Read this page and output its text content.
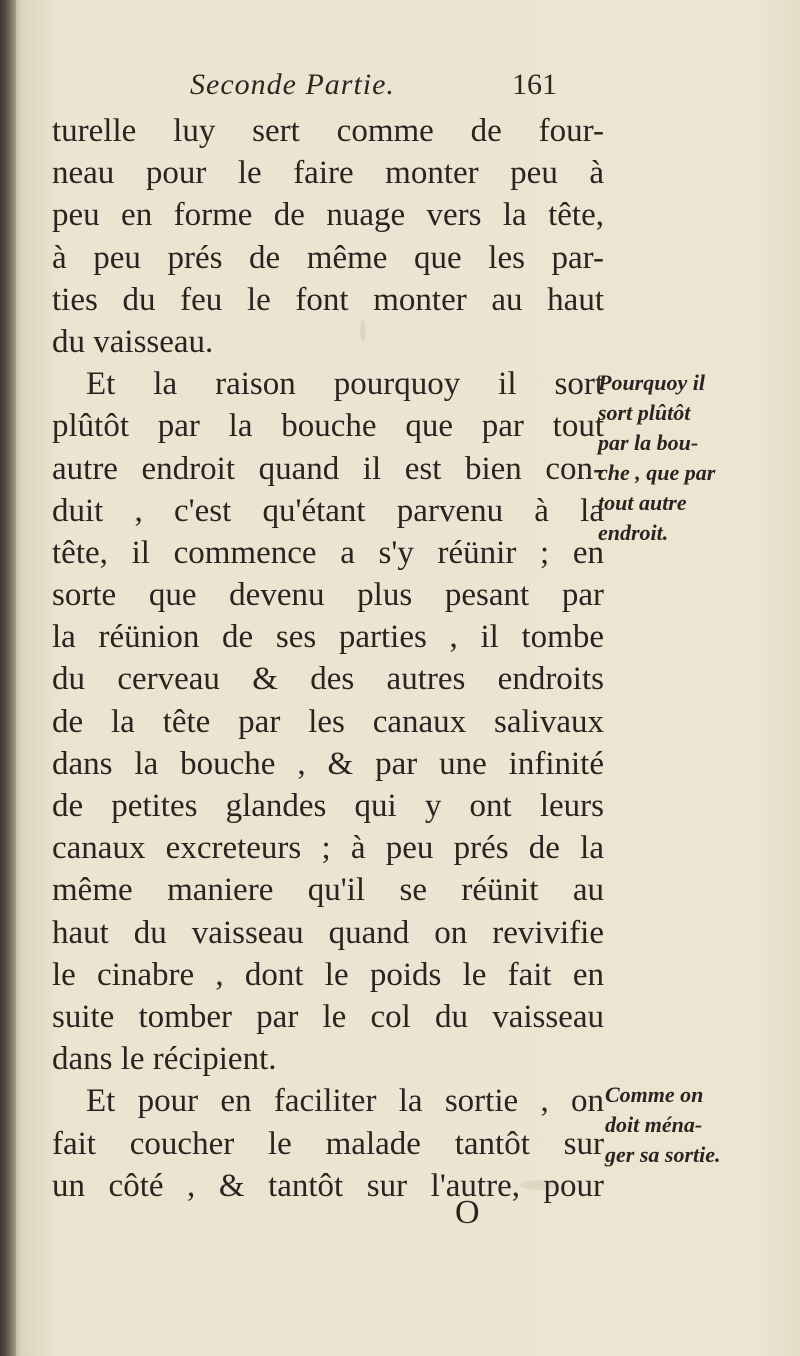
Seconde Partie.	161
turelle luy sert comme de four-
neau pour le faire monter peu à
peu en forme de nuage vers la tête,
à peu prés de même que les par-
ties du feu le font monter au haut
du vaisseau.
Et la raison pourquoy il sort
plûtôt par la bouche que par tout
autre endroit quand il est bien con-
duit , c'est qu'étant parvenu à la
tête, il commence a s'y réünir ; en
sorte que devenu plus pesant par
la réünion de ses parties , il tombe
du cerveau & des autres endroits
de la tête par les canaux salivaux
dans la bouche , & par une infinité
de petites glandes qui y ont leurs
canaux excreteurs ; à peu prés de la
même maniere qu'il se réünit au
haut du vaisseau quand on revivifie
le cinabre , dont le poids le fait en
suite tomber par le col du vaisseau
dans le récipient.
Et pour en faciliter la sortie , on
fait coucher le malade tantôt sur
un côté , & tantôt sur l'autre, pour
Pourquoy il
sort plûtôt
par la bou-
che , que par
tout autre
endroit.
Comme on
doit ména-
ger sa sortie.
O
